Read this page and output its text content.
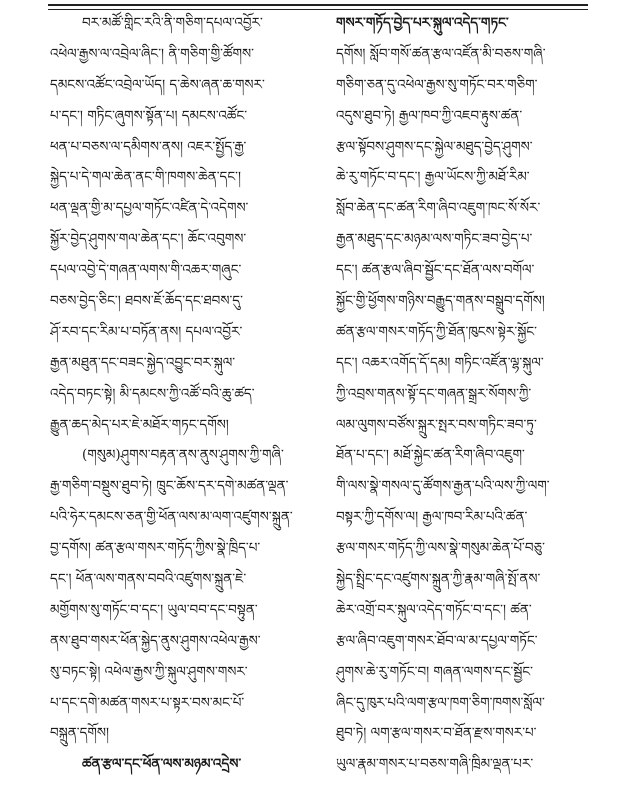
བར་མཚོ་གླིང་རའི་ནི་གཅིག་དཔལ་འབྱོར་
འཕེལ་རྒྱས་ལ་འབྲེལ་ཞིང་། ནི་གཅིག་གྱི་ཚོགས་
དམངས་འཚོང་འབྲེལ་ཡོད། ད་ཆེས་ཞན་ཆ་གསར་
པ་དང་། གཏིང་ཞུགས་སྟོན་པ། དམངས་འཚོང་
ཕན་པ་བཅས་ལ་དམིགས་ནས། འཇར་སྤྱོད་རྒྱ་
སྐྱེད་པ་དེ་གལ་ཆེན་ནང་གི་ཁགས་ཆེན་དང་།
ཕན་ལྡན་གྱི་མ་དཔྱལ་གཏོང་འཛིན་དེ་འདེགས་
སྐྱོར་བྱེད་ཤུགས་གལ་ཆེན་དང་། ཆོང་འབུགས་
དཔལ་འབྱེ་དེ་གཞན་ལགས་གི་འཆར་གཞུང་
བཅས་བྱེད་ཅིང་། ཐབས་ཇོ་ཆོད་དང་ཐབས་དུ་
ཤོ་རབ་དང་རིམ་པ་བཏོན་ནས། དཔལ་འབྱོར་
རྒྱན་མཐུན་དང་བཟང་སྐྱེད་འབྱུང་བར་སྐུལ་
འདེད་བཏང་སྟེ། མི་དམངས་ཀྱི་འཚོ་བའི་ཆུ་ཚད་
རྒྱུན་ཆད་མེད་པར་ཇེ་མཐོར་གཏང་དགོས།
(གསུམ)ཤུགས་བརྟན་ནས་ནུས་ཤུགས་ཀྱི་གཞི་
རྒྱ་གཅིག་བསྡུས་ཐུབ་ཏེ། ཁྲུང་ཆོས་དར་དགེ་མཚན་ལྡན་
པའི་ཧེར་དམངས་ཅན་གྱི་ཕོན་ལས་མ་ལག་འཛུགས་སྐྲུན་
བྱ་དགོས། ཚན་རྩལ་གསར་གཏོད་ཀྱིས་སྣེ་ཁྲིད་པ་
དང་། ཕོན་ལས་གནས་བབའི་འཛུགས་སྐྲུན་ཇེ་
མགྱོགས་སུ་གཏོང་བ་དང་། ཡུལ་བབ་དང་བསྟུན་
ནས་ཐུབ་གསར་ཕོན་སྐྱེད་ནུས་ཤུགས་འཕེལ་རྒྱས་
སུ་བཏང་སྟེ། འཕེལ་རྒྱས་ཀྱི་སྐུལ་ཤུགས་གསར་
པ་དང་དགེ་མཚན་གསར་པ་སྟར་བས་མང་པོ་
བསྐྲུན་དགོས།
ཚན་རྩལ་དང་ཕོན་ལས་མཉམ་འདྲེས་
གསར་གཏོད་བྱེད་པར་སྐུལ་འདེད་གཏང་
དགོས། སློབ་གསོ་ཚན་རྩལ་འཛོན་མི་བཅས་གཞི་
གཅིག་ཅན་དུ་འཕེལ་རྒྱས་སུ་གཏོང་བར་གཅིག་
འདུས་ཐུབ་ཏེ། རྒྱལ་ཁབ་ཀྱི་འཇབ་རྟུས་ཚན་
རྩལ་སྟོབས་ཤུགས་དང་སྐྱེལ་མཐུད་བྱེད་ཤུགས་
ཆེ་རུ་གཏོང་བ་དང་། རྒྱལ་ཡོངས་ཀྱི་མཐོ་རིམ་
སློབ་ཆེན་དང་ཚན་རིག་ཞིབ་འཇུག་ཁང་སོ་སོར་
རྒྱན་མཐུད་དང་མཉམ་ལས་གཏིང་ཟབ་བྱེད་པ་
དང་། ཚན་རྩལ་ཞིབ་སྦྱོང་དང་ཐོན་ལས་བགོལ་
སྐྱོང་གྱི་ཕྱོགས་གཉིས་བརྒྱུད་གནས་བསྒྲུབ་དགོས།
ཚན་རྩལ་གསར་གཏོད་ཀྱི་ཐོན་ཁུངས་སྟེར་སྐྱོང་
དང་། འཆར་འགོད་དོ་དམ། གཏིང་འཛོན་ལྷ་སྐུལ་
ཀྱི་འབྲས་གནས་སྟོ་དང་གཞན་སྒྲར་སོགས་ཀྱི་
ལམ་ལུགས་བཙོས་སྐྲུར་སྤར་བས་གཏིང་ཟབ་ཏུ་
ཐོན་པ་དང་། མཐོ་སྐྱེང་ཚན་རིག་ཞིབ་འཇུག་
གི་ལས་སྣེ་གསལ་དུ་ཚོགས་རྒྱན་པའི་ལས་ཀྱི་ལག་
བསྟར་ཀྱི་དགོས་ལ། རྒྱལ་ཁབ་རིམ་པའི་ཚན་
རྩལ་གསར་གཏོད་ཀྱི་ལས་སྣེ་གསུམ་ཆེན་པོ་བཅུ་
སྐྱེད་སྤྲིང་དང་འཛུགས་སྐྲུན་ཀྱི་རྣམ་གཞི་སྤོ་ནས་
ཆེར་འགྲོ་བར་སྐུལ་འདེད་གཏོང་བ་དང་། ཚན་
རྩལ་ཞིབ་འཇུག་གསར་ཐོབ་ལ་མ་དཔྱལ་གཏོང་
ཤུགས་ཆེ་རུ་གཏོང་བ། གཞན་ལགས་དང་སྦྱོང་
ཞིང་དུ་ཁུར་པའི་ལག་རྩལ་ཁག་ཅིག་ཁགས་སློལ་
ཐུབ་ཏེ། ལག་རྩལ་གསར་བ་ཐོན་རྫས་གསར་པ་
ཡུལ་རྣམ་གསར་པ་བཅས་གཞི་ཁྲིམ་ལྡན་པར་
